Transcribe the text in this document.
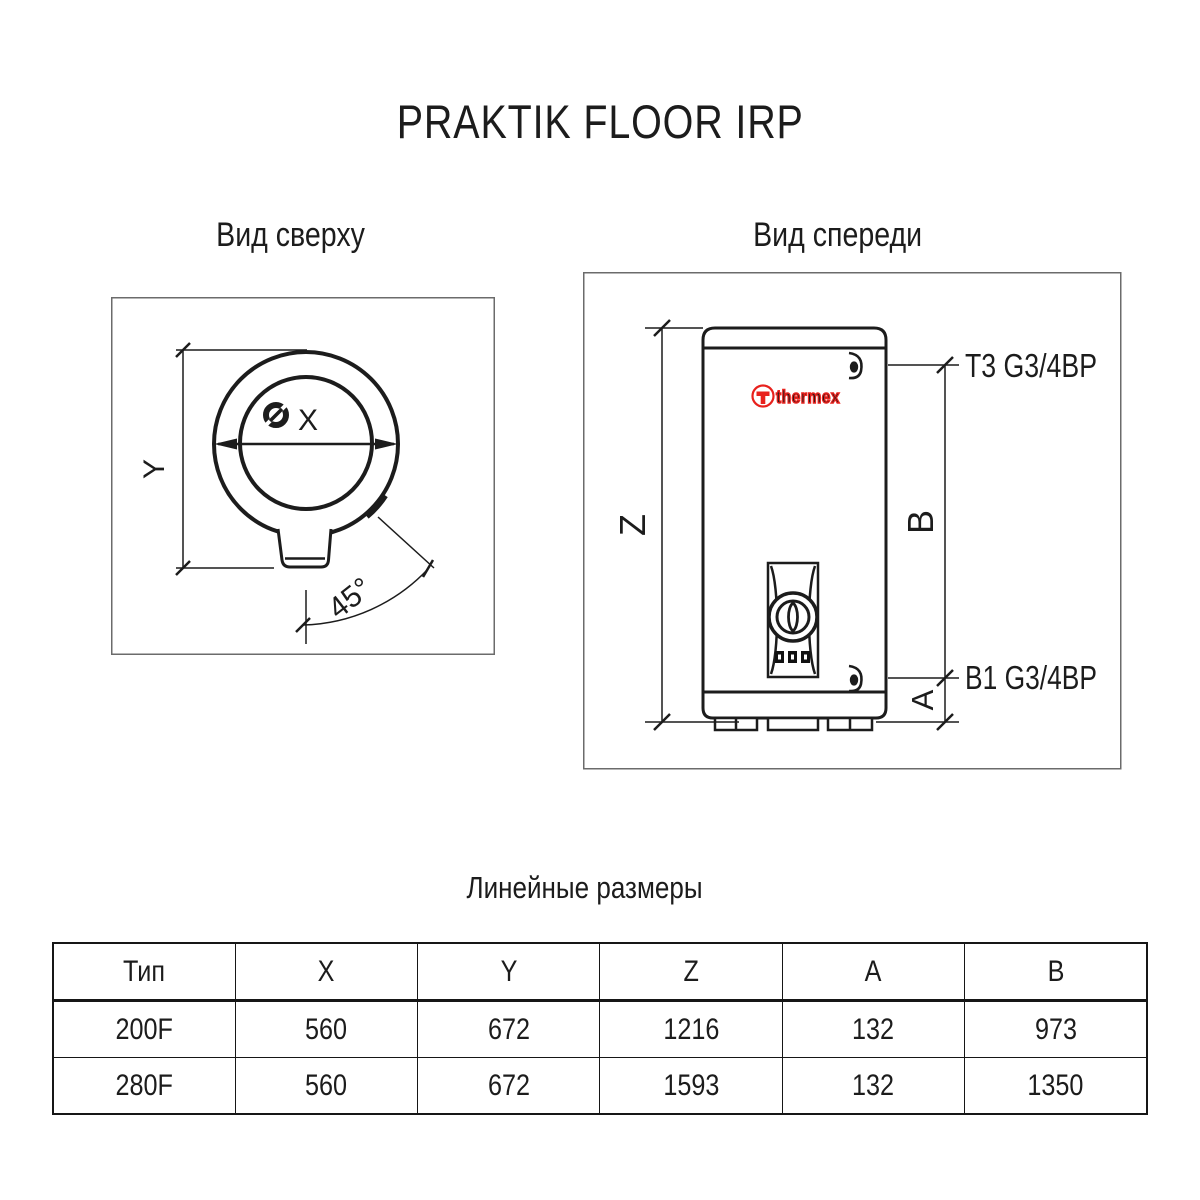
PRAKTIK FLOOR IRP
Вид сверху	Вид спереди
X
Y
45°
thermex
Z	B
A
Т3 G3/4ВР
В1 G3/4ВР
Линейные размеры
Тип	X	Y	Z	A	B
200F	560	672	1216	132	973
280F	560	672	1593	132	1350
